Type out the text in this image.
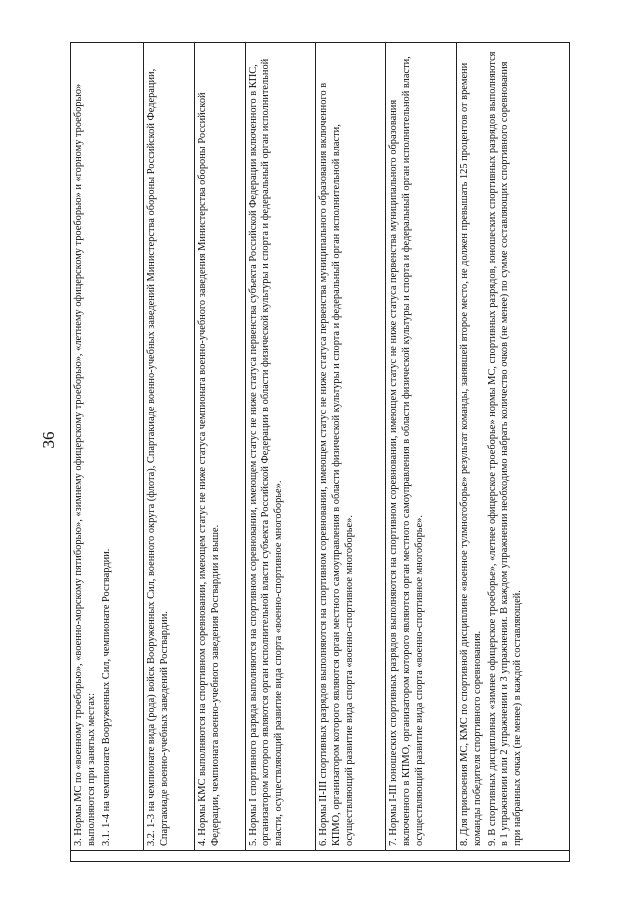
36
	3. Нормы МС по «военному троеборью», «военно-морскому пятиборью», «зимнему офицерскому троеборью», «летнему офицерскому троеборью» и «горному троеборью» выполняются при занятых местах: 3.1. 1-4 на чемпионате Вооруженных Сил, чемпионате Росгвардии.

3.2. 1-3 на чемпионате вида (рода) войск Вооруженных Сил, военного округа (флота), Спартакиаде военно-учебных заведений Министерства обороны Российской Федерации, Спартакиаде военно-учебных заведений Росгвардии.

4. Нормы КМС выполняются на спортивном соревновании, имеющем статус не ниже статуса чемпионата военно-учебного заведения Министерства обороны Российской Федерации, чемпионата военно-учебного заведения Росгвардии и выше.

5. Нормы I спортивного разряда выполняются на спортивном соревновании, имеющем статус не ниже статуса первенства субъекта Российской Федерации включенного в КПС, организатором которого являются орган исполнительной власти субъекта Российской Федерации в области физической культуры и спорта и федеральный орган исполнительной власти, осуществляющий развитие вида спорта «военно-спортивное многоборье».

6. Нормы II-III спортивных разрядов выполняются на спортивном соревновании, имеющем статус не ниже статуса первенства муниципального образования включенного в КПМО, организатором которого являются орган местного самоуправления в области физической культуры и спорта и федеральный орган исполнительной власти, осуществляющий развитие вида спорта «военно-спортивное многоборье».

7. Нормы I-III юношеских спортивных разрядов выполняются на спортивном соревновании, имеющем статус не ниже статуса первенства муниципального образования включенного в КПМО, организатором которого являются орган местного самоуправления в области физической культуры и спорта и федеральный орган исполнительной власти, осуществляющий развитие вида спорта «военно-спортивное многоборье».

8. Для присвоения МС, КМС по спортивной дисциплине «военное тулмногоборье» результат команды, занявшей второе место, не должен превышать 125 процентов от времени команды победителя спортивного соревнования. 9. В спортивных дисциплинах «зимнее офицерское троеборье», «летнее офицерское троеборье» нормы МС, спортивных разрядов, юношеских спортивных разрядов выполняются в 1 упражнении или 2 упражнении и 3 упражнении. В каждом упражнении необходимо набрать количество очков (не менее) по сумме составляющих спортивного соревнования при набранных очках (не менее) в каждой составляющей.
